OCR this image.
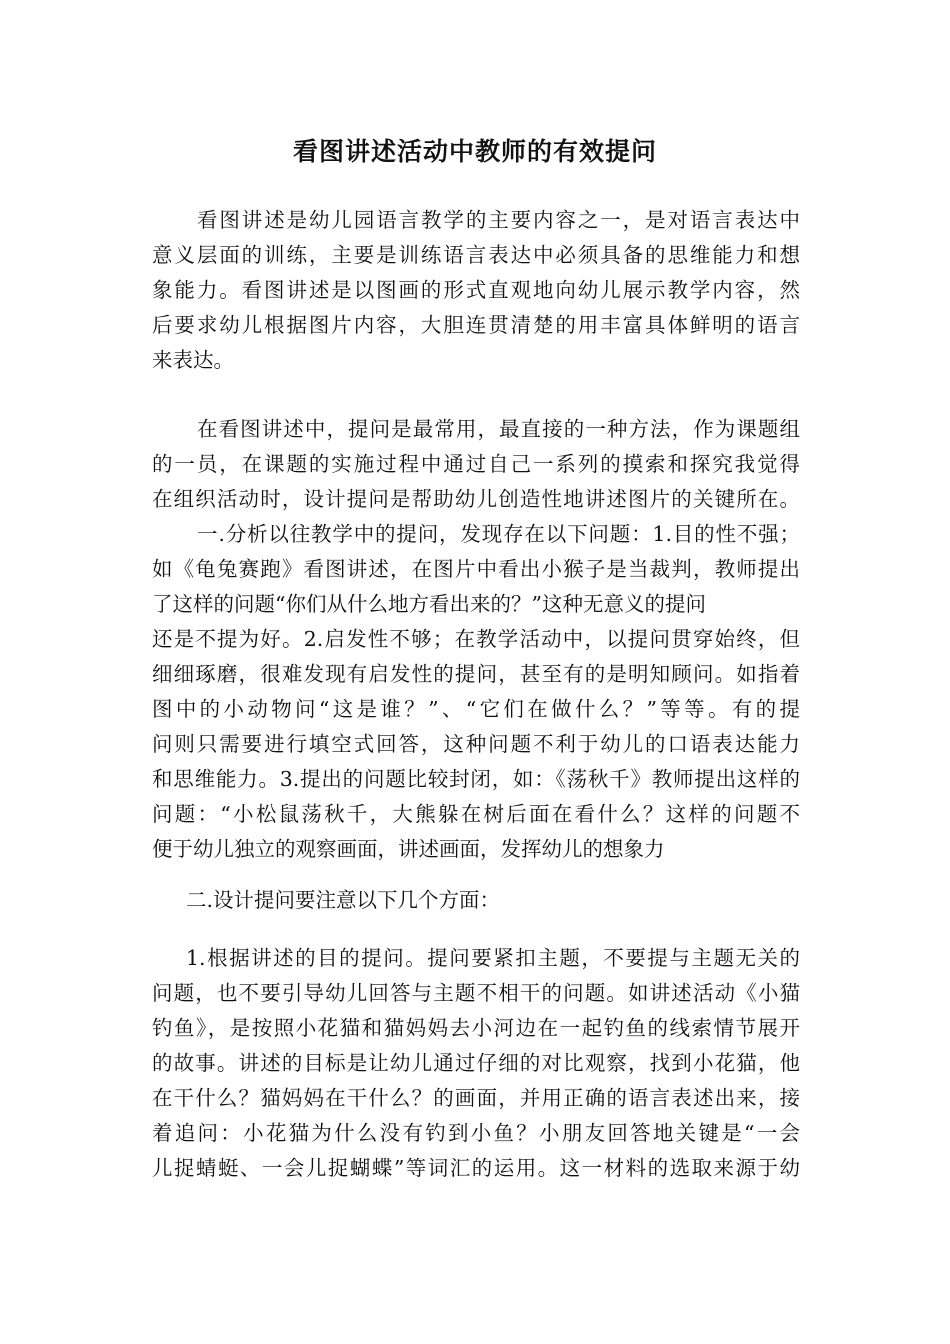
看图讲述活动中教师的有效提问
看图讲述是幼儿园语言教学的主要内容之一，是对语言表达中
意义层面的训练，主要是训练语言表达中必须具备的思维能力和想
象能力。看图讲述是以图画的形式直观地向幼儿展示教学内容，然
后要求幼儿根据图片内容，大胆连贯清楚的用丰富具体鲜明的语言
来表达。
在看图讲述中，提问是最常用，最直接的一种方法，作为课题组
的一员，在课题的实施过程中通过自己一系列的摸索和探究我觉得
在组织活动时，设计提问是帮助幼儿创造性地讲述图片的关键所在。
一.分析以往教学中的提问，发现存在以下问题：1.目的性不强；
如《龟兔赛跑》看图讲述，在图片中看出小猴子是当裁判，教师提出
了这样的问题“你们从什么地方看出来的？”这种无意义的提问
还是不提为好。2.启发性不够；在教学活动中，以提问贯穿始终，但
细细琢磨，很难发现有启发性的提问，甚至有的是明知顾问。如指着
图中的小动物问“这是谁？”、“它们在做什么？”等等。有的提
问则只需要进行填空式回答，这种问题不利于幼儿的口语表达能力
和思维能力。3.提出的问题比较封闭，如：《荡秋千》教师提出这样的
问题：“小松鼠荡秋千，大熊躲在树后面在看什么？这样的问题不
便于幼儿独立的观察画面，讲述画面，发挥幼儿的想象力
二.设计提问要注意以下几个方面：
1.根据讲述的目的提问。提问要紧扣主题，不要提与主题无关的
问题，也不要引导幼儿回答与主题不相干的问题。如讲述活动《小猫
钓鱼》，是按照小花猫和猫妈妈去小河边在一起钓鱼的线索情节展开
的故事。讲述的目标是让幼儿通过仔细的对比观察，找到小花猫，他
在干什么？猫妈妈在干什么？的画面，并用正确的语言表述出来，接
着追问：小花猫为什么没有钓到小鱼？小朋友回答地关键是“一会
儿捉蜻蜓、一会儿捉蝴蝶”等词汇的运用。这一材料的选取来源于幼
